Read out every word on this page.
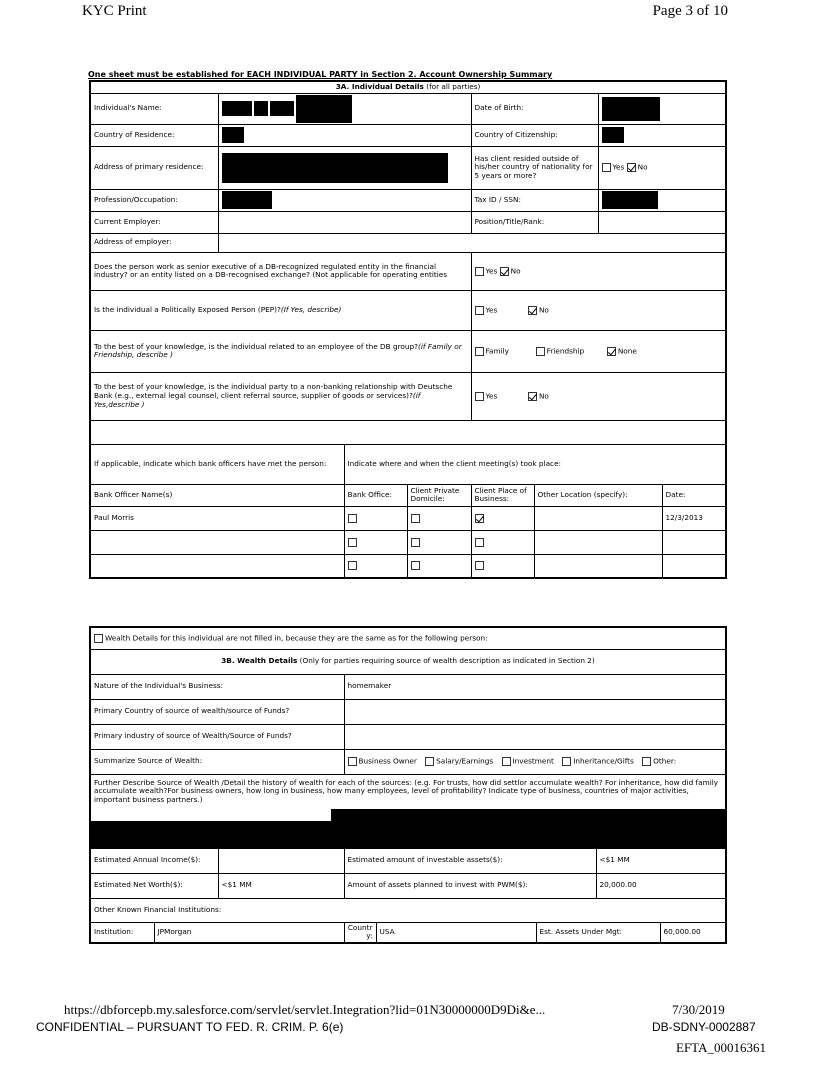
KYC Print	Page 3 of 10
One sheet must be established for EACH INDIVIDUAL PARTY in Section 2. Account Ownership Summary
3A. Individual Details (for all parties)							
Individual's Name:				Date of Birth:			
Country of Residence:				Country of Citizenship:			
Address of primary residence:				Has client resided outside of his/her country of nationality for 5 years or more?		Yes No	
Profession/Occupation:				Tax ID / SSN:			
Current Employer:				Position/Title/Rank:			
Address of employer:							
Does the person work as senior executive of a DB-recognized regulated entity in the financial industry? or an entity listed on a DB-recognised exchange? (Not applicable for operating entities				Yes No			
Is the individual a Politically Exposed Person (PEP)?(If Yes, describe)				Yes No			
To the best of your knowledge, is the individual related to an employee of the DB group?(if Family or Friendship, describe )				Family Friendship None			
To the best of your knowledge, is the individual party to a non-banking relationship with Deutsche Bank (e.g., external legal counsel, client referral source, supplier of goods or services)?(if Yes,describe )				Yes No			

If applicable, indicate which bank officers have met the person:		Indicate where and when the client meeting(s) took place:					
Bank Officer Name(s)		Bank Office:	Client Private Domicile:	Client Place of Business:	Other Location (specify):		Date:
Paul Morris							12/3/2013

Wealth Details for this individual are not filled in, because they are the same as for the following person:							
3B. Wealth Details (Only for parties requiring source of wealth description as indicated in Section 2)							
Nature of the Individual's Business:			homemaker				
Primary Country of source of wealth/source of Funds?							
Primary industry of source of Wealth/Source of Funds?							
Summarize Source of Wealth:			Business Owner Salary/Earnings Investment Inheritance/Gifts Other:				
Further Describe Source of Wealth /Detail the history of wealth for each of the sources: (e.g. For trusts, how did settlor accumulate wealth? For inheritance, how did family accumulate wealth?For business owners, how long in business, how many employees, level of profitability? Indicate type of business, countries of major activities, important business partners.)							

Estimated Annual Income($):			Estimated amount of investable assets($):			<$1 MM	
Estimated Net Worth($):		<$1 MM	Amount of assets planned to invest with PWM($):			20,000.00	
Other Known Financial Institutions:							
Institution:	JPMorgan		Country:	USA	Est. Assets Under Mgt:		60,000.00
https://dbforcepb.my.salesforce.com/servlet/servlet.Integration?lid=01N30000000D9Di&e...	7/30/2019
CONFIDENTIAL – PURSUANT TO FED. R. CRIM. P. 6(e)	DB-SDNY-0002887
EFTA_00016361
